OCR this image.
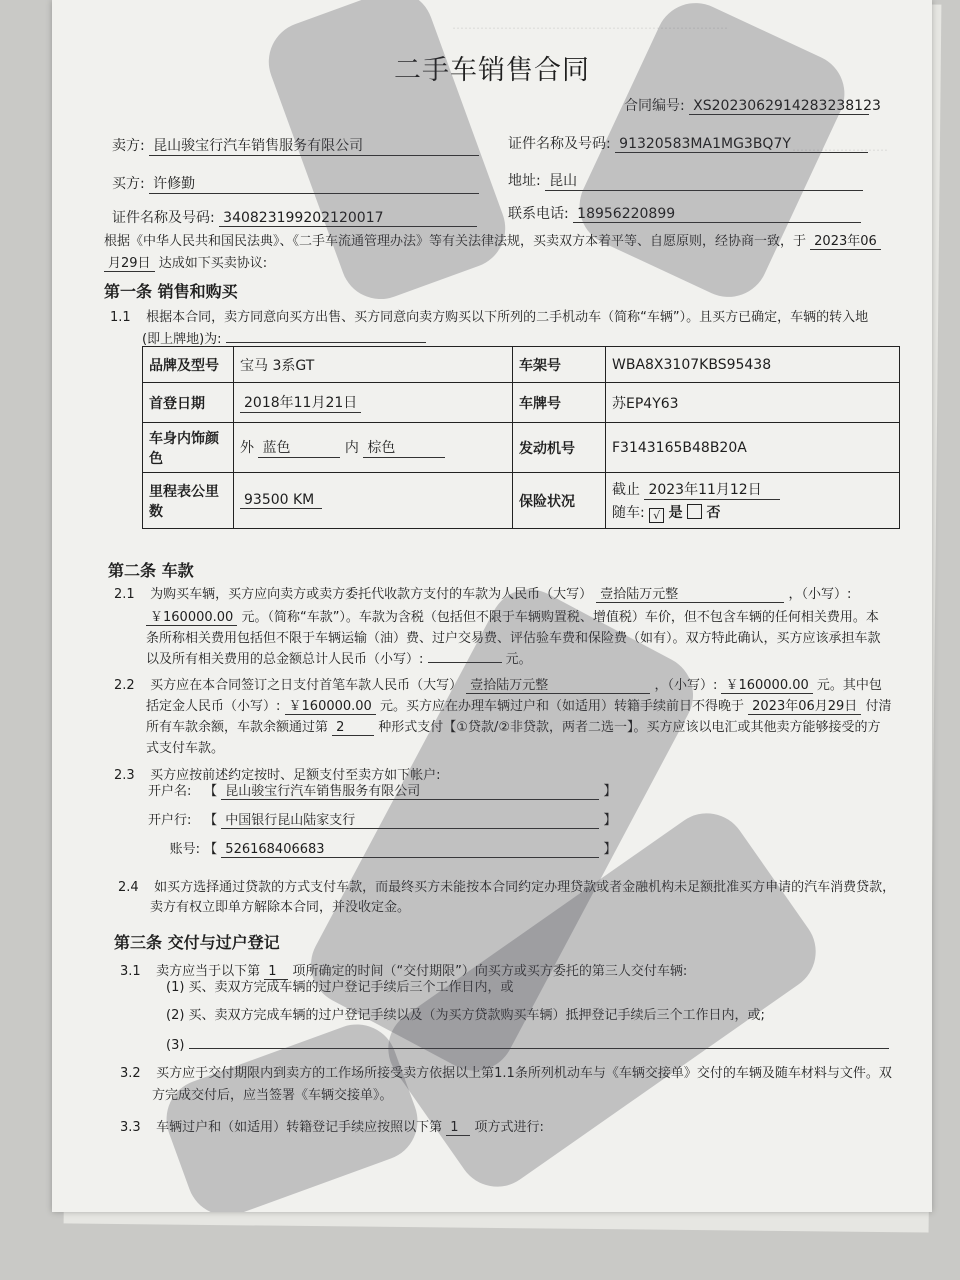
……………………………………………………………
……………………
二手车销售合同
合同编号: XS2023062914283238123
卖方: 昆山骏宝行汽车销售服务有限公司	证件名称及号码: 91320583MA1MG3BQ7Y
买方: 许修勤	地址: 昆山
证件名称及号码: 340823199202120017	联系电话: 18956220899
根据《中华人民共和国民法典》、《二手车流通管理办法》等有关法律法规，买卖双方本着平等、自愿原则，经协商一致，于 2023年06
月29日 达成如下买卖协议:
第一条 销售和购买
1.1 根据本合同，卖方同意向买方出售、买方同意向卖方购买以下所列的二手机动车（简称“车辆”）。且买方已确定，车辆的转入地
(即上牌地)为:
品牌及型号	宝马 3系GT	车架号	WBA8X3107KBS95438
首登日期	2018年11月21日	车牌号	苏EP4Y63
车身内饰颜色	外 蓝色 内 棕色	发动机号	F3143165B48B20A
里程表公里数	93500 KM	保险状况	截止 2023年11月12日
随车: √ 是 否
第二条 车款
2.1 为购买车辆，买方应向卖方或卖方委托代收款方支付的车款为人民币（大写） 壹拾陆万元整	，（小写）:
￥160000.00 元。（简称“车款”）。车款为含税（包括但不限于车辆购置税、增值税）车价，但不包含车辆的任何相关费用。本
条所称相关费用包括但不限于车辆运输（油）费、过户交易费、评估验车费和保险费（如有）。双方特此确认，买方应该承担车款
以及所有相关费用的总金额总计人民币（小写）:	元。
2.2 买方应在本合同签订之日支付首笔车款人民币（大写） 壹拾陆万元整	，（小写）: ￥160000.00 元。其中包
括定金人民币（小写）: ￥160000.00 元。买方应在办理车辆过户和（如适用）转籍手续前日不得晚于 2023年06月29日 付清
所有车款余额，车款余额通过第 2	种形式支付【①贷款/②非贷款，两者二选一】。买方应该以电汇或其他卖方能够接受的方
式支付车款。
2.3 买方应按前述约定按时、足额支付至卖方如下帐户:
开户名: 【 昆山骏宝行汽车销售服务有限公司	】
开户行: 【 中国银行昆山陆家支行	】
账号: 【 526168406683	】
2.4 如买方选择通过贷款的方式支付车款，而最终买方未能按本合同约定办理贷款或者金融机构未足额批准买方申请的汽车消费贷款，
卖方有权立即单方解除本合同，并没收定金。
第三条 交付与过户登记
3.1 卖方应当于以下第 1 项所确定的时间（“交付期限”）向买方或买方委托的第三人交付车辆:
(1) 买、卖双方完成车辆的过户登记手续后三个工作日内，或
(2) 买、卖双方完成车辆的过户登记手续以及（为买方贷款购买车辆）抵押登记手续后三个工作日内，或;
(3)
3.2 买方应于交付期限内到卖方的工作场所接受卖方依据以上第1.1条所列机动车与《车辆交接单》交付的车辆及随车材料与文件。双
方完成交付后，应当签署《车辆交接单》。
3.3 车辆过户和（如适用）转籍登记手续应按照以下第 1 项方式进行:
